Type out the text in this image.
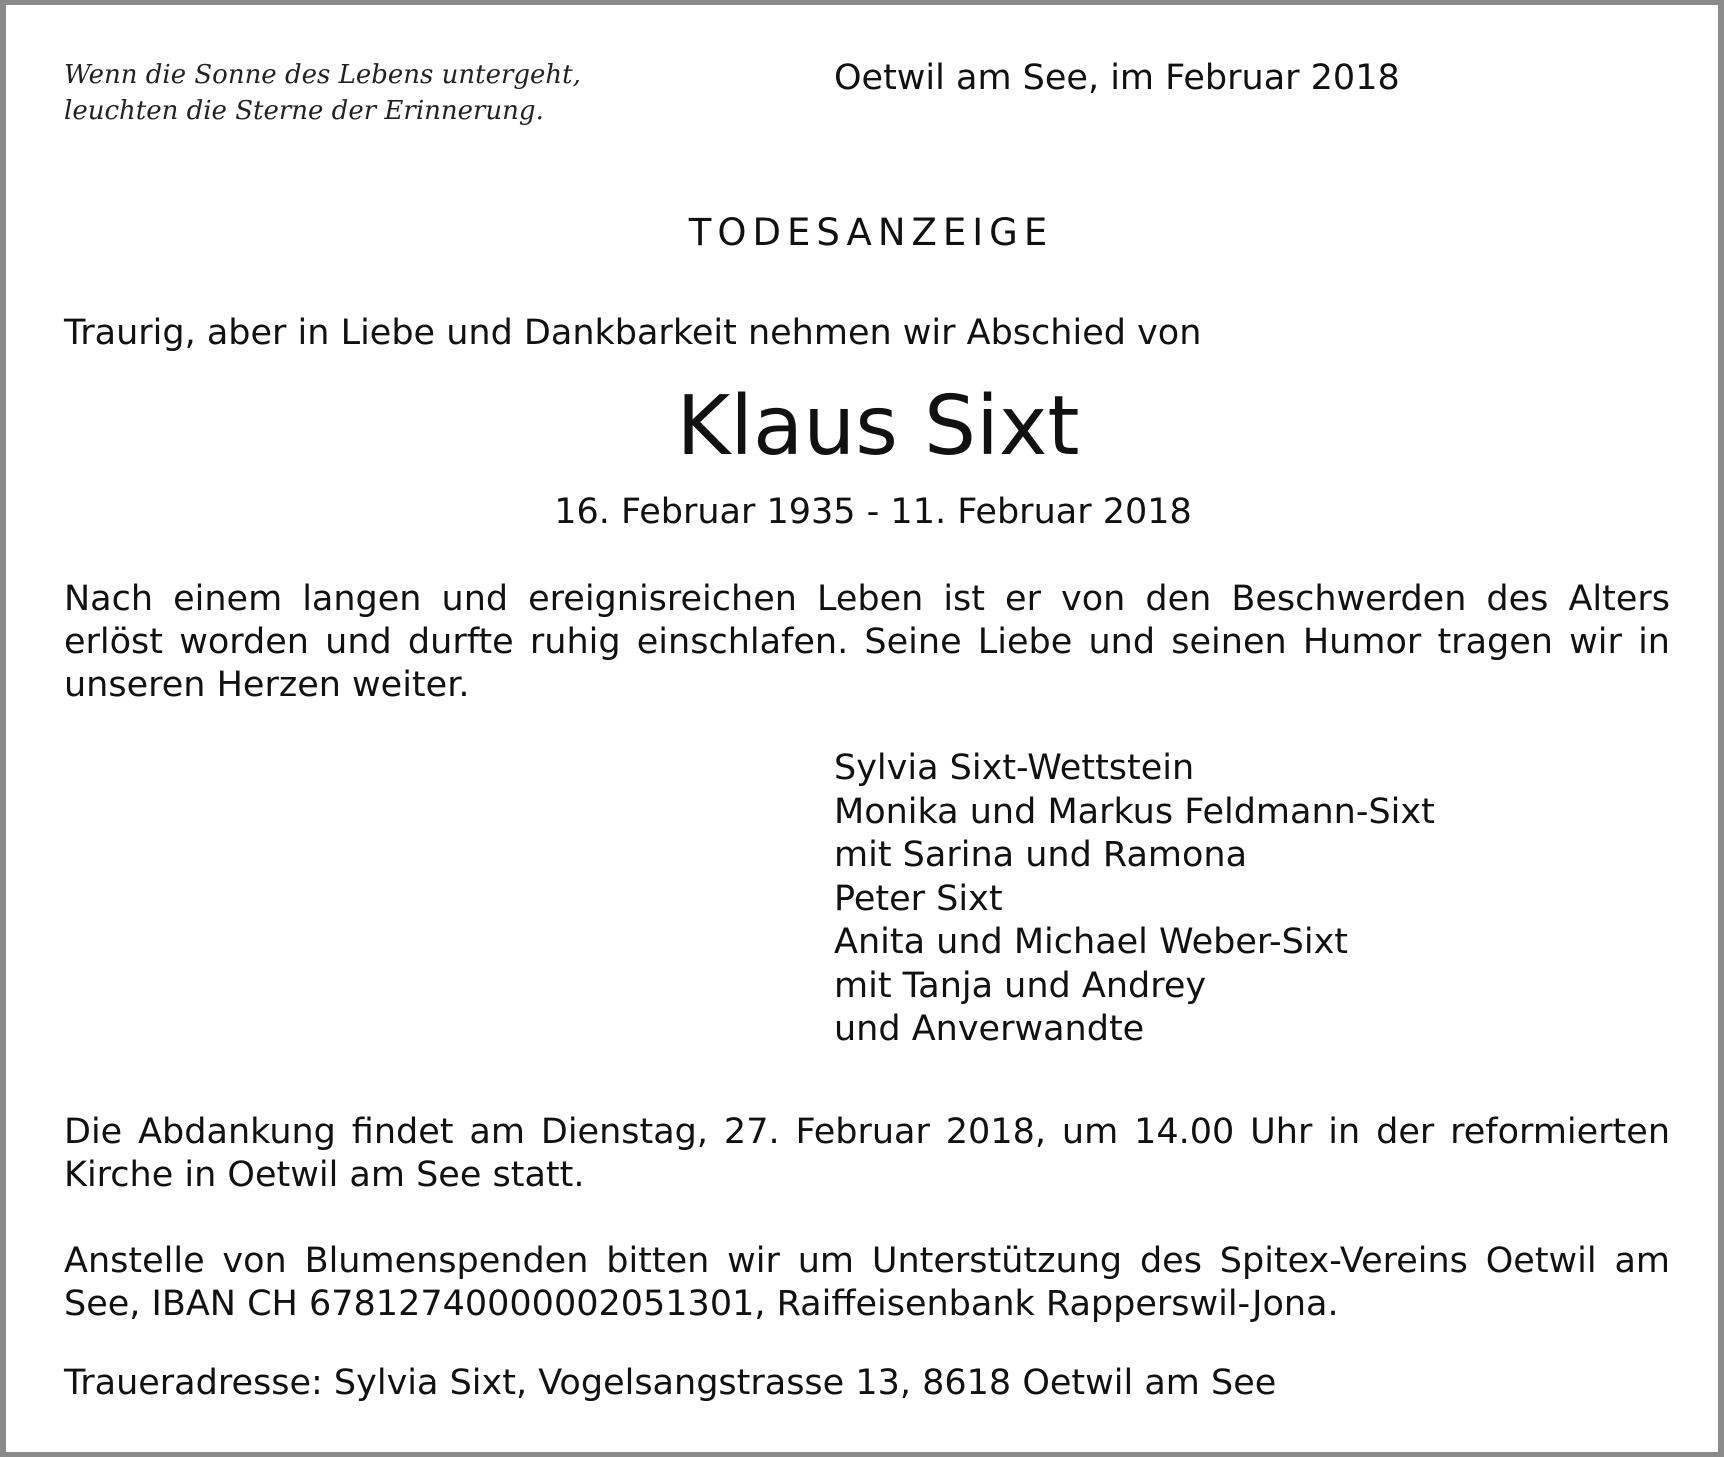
Wenn die Sonne des Lebens untergeht,
leuchten die Sterne der Erinnerung.
Oetwil am See, im Februar 2018
TODESANZEIGE
Traurig, aber in Liebe und Dankbarkeit nehmen wir Abschied von
Klaus Sixt
16. Februar 1935 - 11. Februar 2018
Nach einem langen und ereignisreichen Leben ist er von den Beschwerden des Alters erlöst worden und durfte ruhig einschlafen. Seine Liebe und seinen Humor tragen wir in unseren Herzen weiter.
Sylvia Sixt-Wettstein
Monika und Markus Feldmann-Sixt
mit Sarina und Ramona
Peter Sixt
Anita und Michael Weber-Sixt
mit Tanja und Andrey
und Anverwandte
Die Abdankung findet am Dienstag, 27. Februar 2018, um 14.00 Uhr in der reformierten Kirche in Oetwil am See statt.
Anstelle von Blumenspenden bitten wir um Unterstützung des Spitex-Vereins Oetwil am See, IBAN CH 67812740000002051301, Raiffeisenbank Rapperswil-Jona.
Traueradresse: Sylvia Sixt, Vogelsangstrasse 13, 8618 Oetwil am See
